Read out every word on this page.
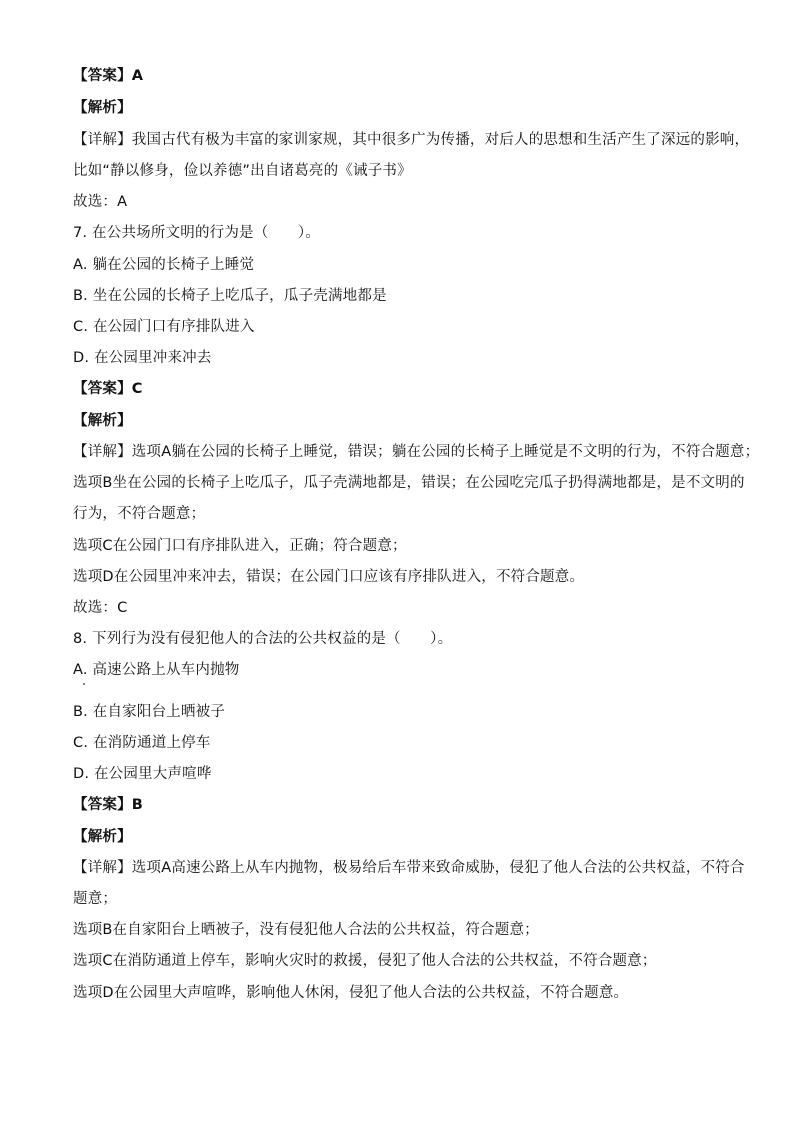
【答案】A
【解析】
【详解】我国古代有极为丰富的家训家规，其中很多广为传播，对后人的思想和生活产生了深远的影响，
比如“静以修身，俭以养德”出自诸葛亮的《诫子书》
故选：A
7. 在公共场所文明的行为是（　　）。
A. 躺在公园的长椅子上睡觉
B. 坐在公园的长椅子上吃瓜子，瓜子壳满地都是
C. 在公园门口有序排队进入
D. 在公园里冲来冲去
【答案】C
【解析】
【详解】选项A躺在公园的长椅子上睡觉，错误；躺在公园的长椅子上睡觉是不文明的行为，不符合题意；
选项B坐在公园的长椅子上吃瓜子，瓜子壳满地都是，错误；在公园吃完瓜子扔得满地都是，是不文明的
行为，不符合题意；
选项C在公园门口有序排队进入，正确；符合题意；
选项D在公园里冲来冲去，错误；在公园门口应该有序排队进入，不符合题意。
故选：C
8. 下列行为没有侵犯他人的合法的公共权益的是（　　）。
A. 高速公路上从车内抛物
B. 在自家阳台上晒被子
C. 在消防通道上停车
D. 在公园里大声喧哗
【答案】B
【解析】
【详解】选项A高速公路上从车内抛物，极易给后车带来致命威胁，侵犯了他人合法的公共权益，不符合
题意；
选项B在自家阳台上晒被子，没有侵犯他人合法的公共权益，符合题意；
选项C在消防通道上停车，影响火灾时的救援，侵犯了他人合法的公共权益，不符合题意；
选项D在公园里大声喧哗，影响他人休闲，侵犯了他人合法的公共权益，不符合题意。
